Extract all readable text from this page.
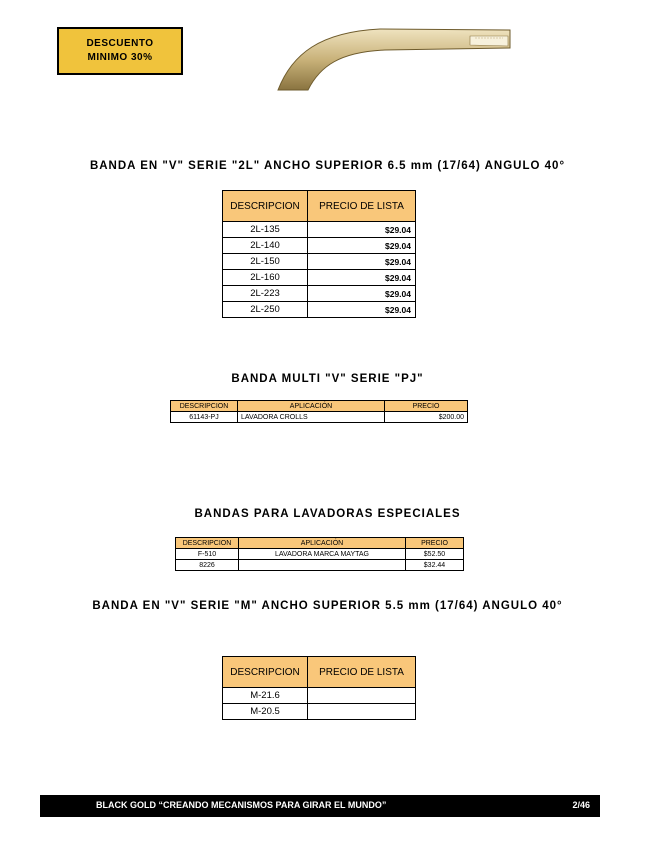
DESCUENTO
MINIMO 30%
BANDA EN "V" SERIE "2L" ANCHO SUPERIOR 6.5 mm (17/64) ANGULO 40°
DESCRIPCION	PRECIO DE LISTA
2L-135	$29.04
2L-140	$29.04
2L-150	$29.04
2L-160	$29.04
2L-223	$29.04
2L-250	$29.04
BANDA MULTI "V" SERIE "PJ"
DESCRIPCION	APLICACIÓN	PRECIO
61143-PJ	LAVADORA CROLLS	$200.00
BANDAS PARA LAVADORAS ESPECIALES
DESCRIPCION	APLICACIÓN	PRECIO
F-510	LAVADORA MARCA MAYTAG	$52.50
8226		$32.44
BANDA EN "V" SERIE "M" ANCHO SUPERIOR 5.5 mm (17/64) ANGULO 40°
DESCRIPCION	PRECIO DE LISTA
M-21.6	
M-20.5	
BLACK GOLD “CREANDO MECANISMOS PARA GIRAR EL MUNDO”	2/46
